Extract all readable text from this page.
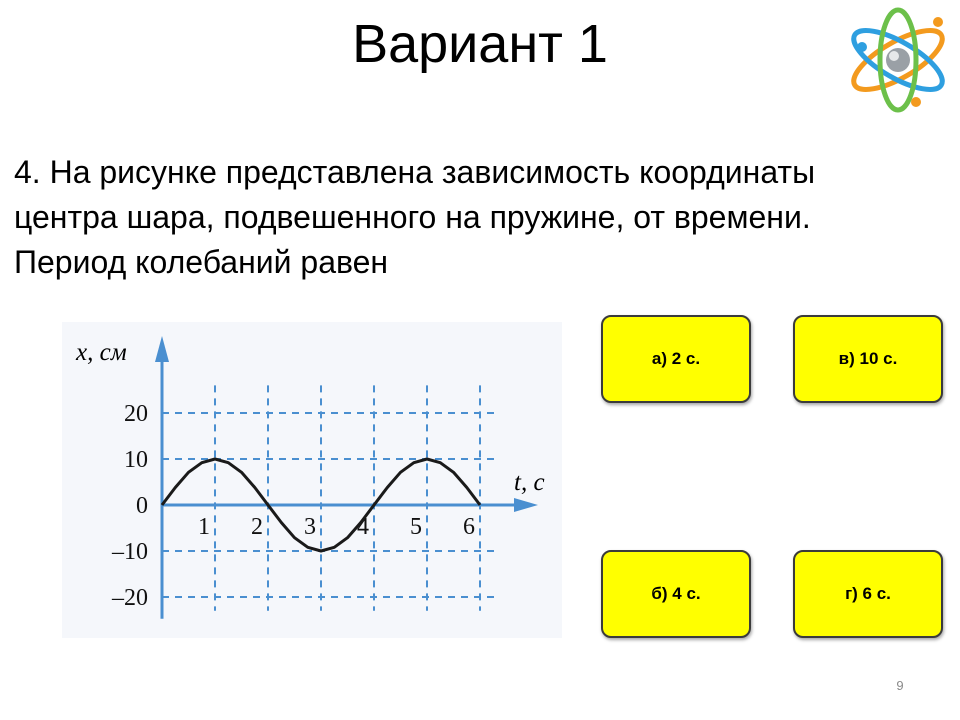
Вариант 1
4. На рисунке представлена зависимость координаты центра шара, подвешенного на пружине, от времени. Период колебаний равен
1 2 3 4 5 6
20
10
0
–10
–20
x, см
t, с
а) 2 с.	в) 10 с.
б) 4 с.	г) 6 с.
9
